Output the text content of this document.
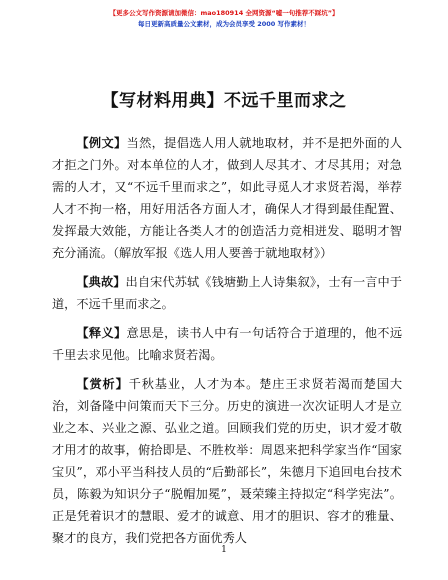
【更多公文写作资源请加微信：mao180914 全网资源“嘘一句推荐不踩坑”】
每日更新高质量公文素材，成为会员享受 2000 写作素材！
【写材料用典】不远千里而求之

【例文】当然，提倡选人用人就地取材，并不是把外面的人才拒之门外。对本单位的人才，做到人尽其才、才尽其用；对急需的人才，又“不远千里而求之”，如此寻觅人才求贤若渴，举荐人才不拘一格，用好用活各方面人才，确保人才得到最佳配置、发挥最大效能，方能让各类人才的创造活力竞相迸发、聪明才智充分涌流。（解放军报《选人用人要善于就地取材》）

【典故】出自宋代苏轼《钱塘勤上人诗集叙》，士有一言中于道，不远千里而求之。

【释义】意思是，读书人中有一句话符合于道理的，他不远千里去求见他。比喻求贤若渴。

【赏析】千秋基业，人才为本。楚庄王求贤若渴而楚国大治，刘备隆中问策而天下三分。历史的演进一次次证明人才是立业之本、兴业之源、弘业之道。回顾我们党的历史，识才爱才敬才用才的故事，俯拾即是、不胜枚举：周恩来把科学家当作“国家宝贝”，邓小平当科技人员的“后勤部长”，朱德月下追回电台技术员，陈毅为知识分子“脱帽加冕”，聂荣臻主持拟定“科学宪法”。正是凭着识才的慧眼、爱才的诚意、用才的胆识、容才的雅量、聚才的良方，我们党把各方面优秀人

1
